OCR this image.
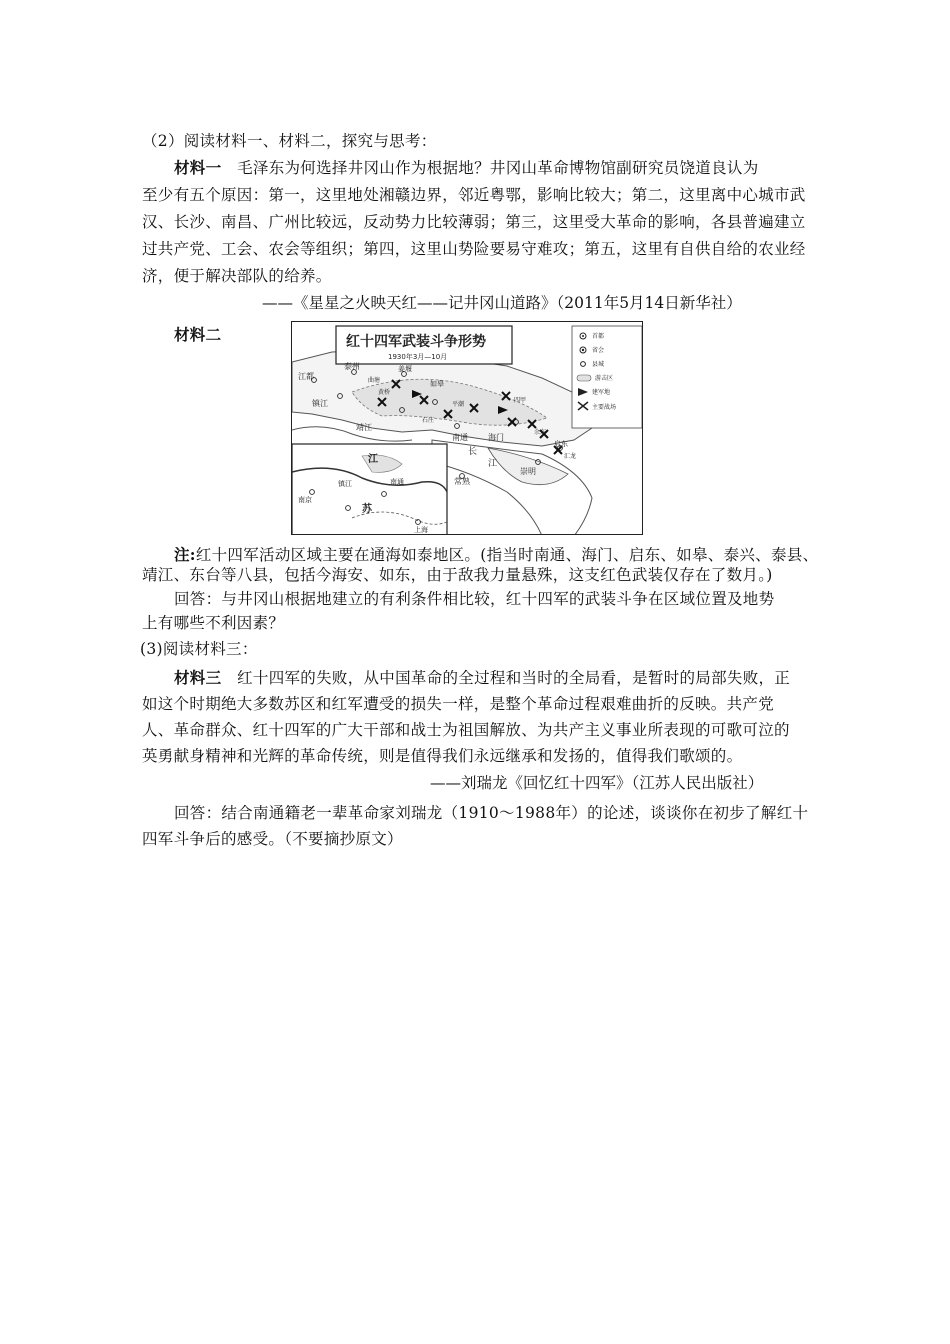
（2）阅读材料一、材料二，探究与思考：
材料一 毛泽东为何选择井冈山作为根据地？井冈山革命博物馆副研究员饶道良认为
至少有五个原因：第一，这里地处湘赣边界，邻近粤鄂，影响比较大；第二，这里离中心城市武
汉、长沙、南昌、广州比较远，反动势力比较薄弱；第三，这里受大革命的影响，各县普遍建立
过共产党、工会、农会等组织；第四，这里山势险要易守难攻；第五，这里有自供自给的农业经
济，便于解决部队的给养。
——《星星之火映天红——记井冈山道路》（2011年5月14日新华社）
材料二	红十四军武装斗争形势
1930年3月—10月
首都
省会
县城
游击区
建军地
主要战场
泰州	姜堰
江都	曲塘
镇江
黄桥
如皋
靖江
石庄
平潮
南通	海门
长
江
崇明
启东
常熟
四甲
余东
汇龙
江
苏
南京
镇江	南通
上海
注:红十四军活动区域主要在通海如泰地区。(指当时南通、海门、启东、如皋、泰兴、泰县、
靖江、东台等八县，包括今海安、如东，由于敌我力量悬殊，这支红色武装仅存在了数月。)
回答：与井冈山根据地建立的有利条件相比较，红十四军的武装斗争在区域位置及地势
上有哪些不利因素？
(3)阅读材料三：
材料三 红十四军的失败，从中国革命的全过程和当时的全局看，是暂时的局部失败，正
如这个时期绝大多数苏区和红军遭受的损失一样，是整个革命过程艰难曲折的反映。共产党
人、革命群众、红十四军的广大干部和战士为祖国解放、为共产主义事业所表现的可歌可泣的
英勇献身精神和光辉的革命传统，则是值得我们永远继承和发扬的，值得我们歌颂的。
——刘瑞龙《回忆红十四军》（江苏人民出版社）
回答：结合南通籍老一辈革命家刘瑞龙（1910～1988年）的论述，谈谈你在初步了解红十
四军斗争后的感受。（不要摘抄原文）
